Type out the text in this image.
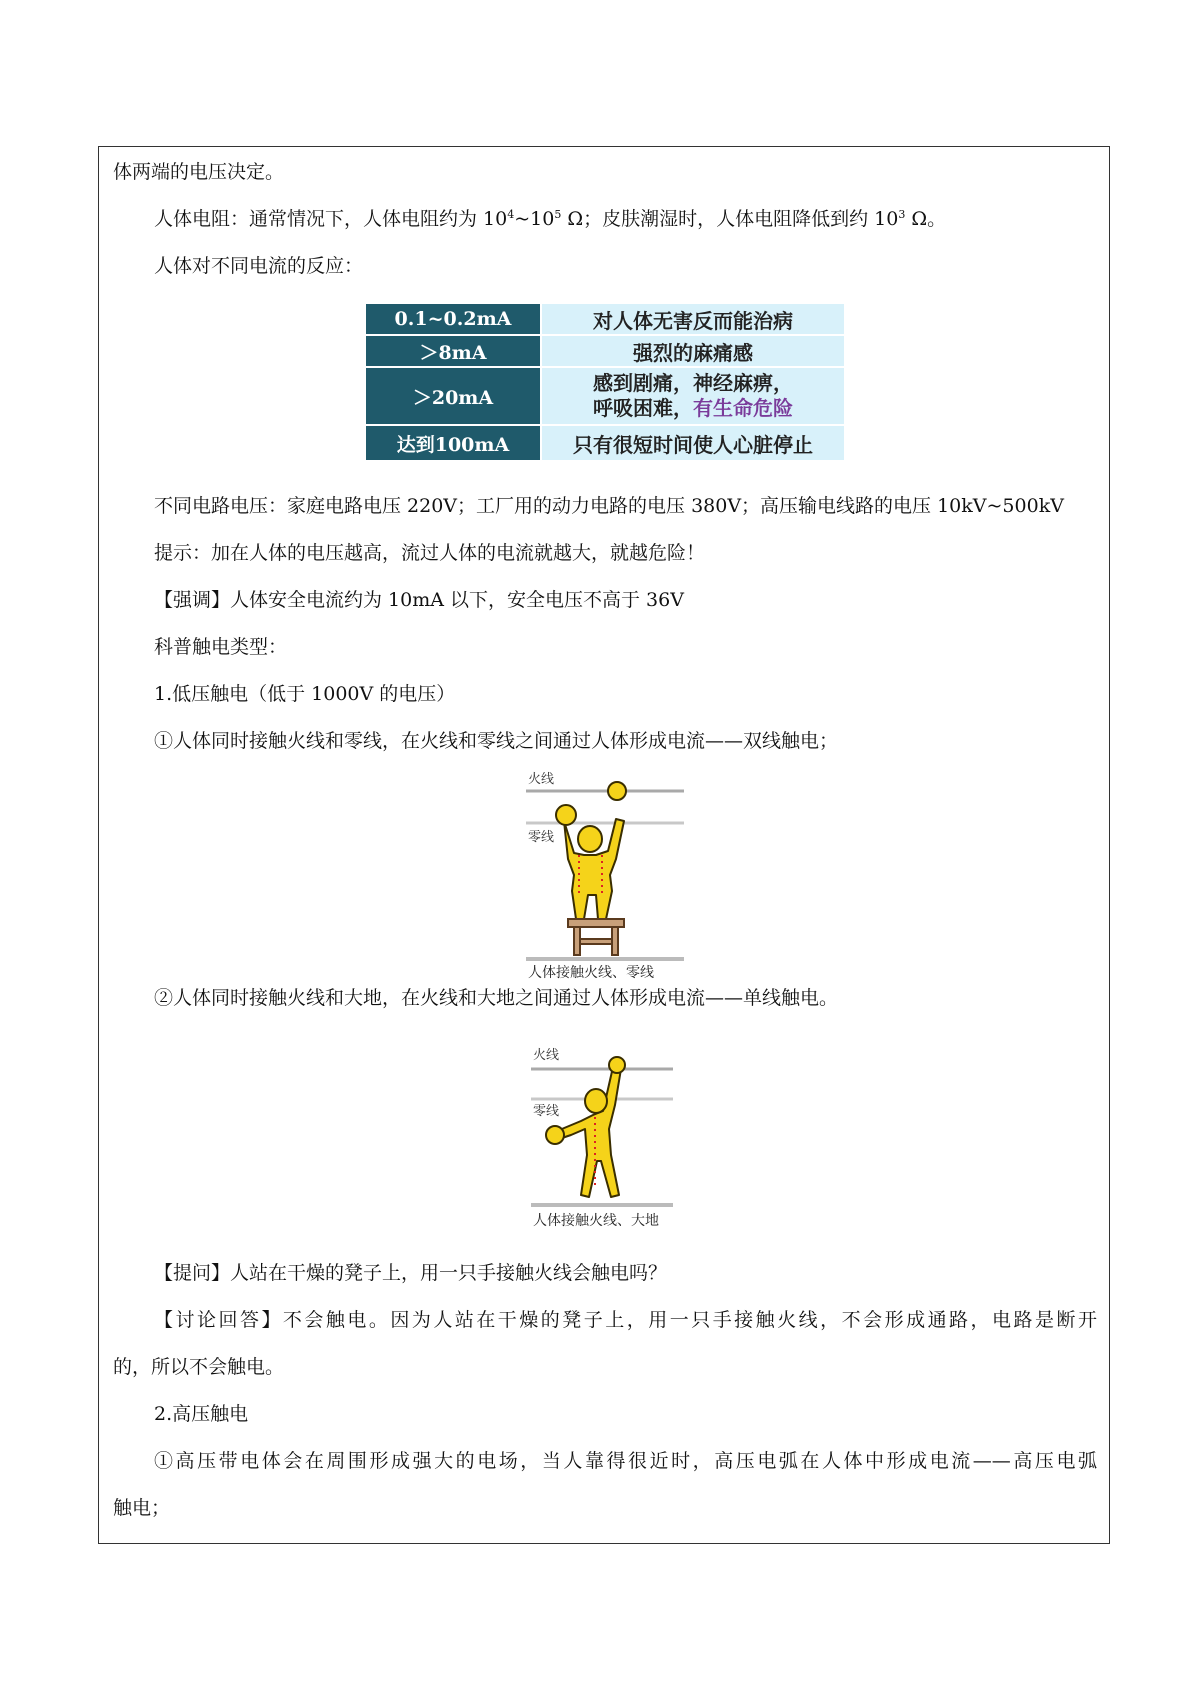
体两端的电压决定。
人体电阻：通常情况下，人体电阻约为 $10^4\sim 10^5$ Ω；皮肤潮湿时，人体电阻降低到约 $10^3$ Ω。
人体对不同电流的反应：
0.1~0.2mA	对人体无害反而能治病
＞8mA	强烈的麻痛感
＞20mA	感到剧痛，神经麻痹，
呼吸困难，有生命危险

达到100mA	只有很短时间使人心脏停止
不同电路电压：家庭电路电压 220V；工厂用的动力电路的电压 380V；高压输电线路的电压 10kV~500kV
提示：加在人体的电压越高，流过人体的电流就越大，就越危险！
【强调】人体安全电流约为 10mA 以下，安全电压不高于 36V
科普触电类型：
1.低压触电（低于 1000V 的电压）
①人体同时接触火线和零线，在火线和零线之间通过人体形成电流——双线触电；
火线
零线
人体接触火线、零线
②人体同时接触火线和大地，在火线和大地之间通过人体形成电流——单线触电。
火线
零线
人体接触火线、大地
【提问】人站在干燥的凳子上，用一只手接触火线会触电吗？
【讨论回答】不会触电。因为人站在干燥的凳子上，用一只手接触火线，不会形成通路，电路是断开
的，所以不会触电。
2.高压触电
①高压带电体会在周围形成强大的电场，当人靠得很近时，高压电弧在人体中形成电流——高压电弧
触电；
